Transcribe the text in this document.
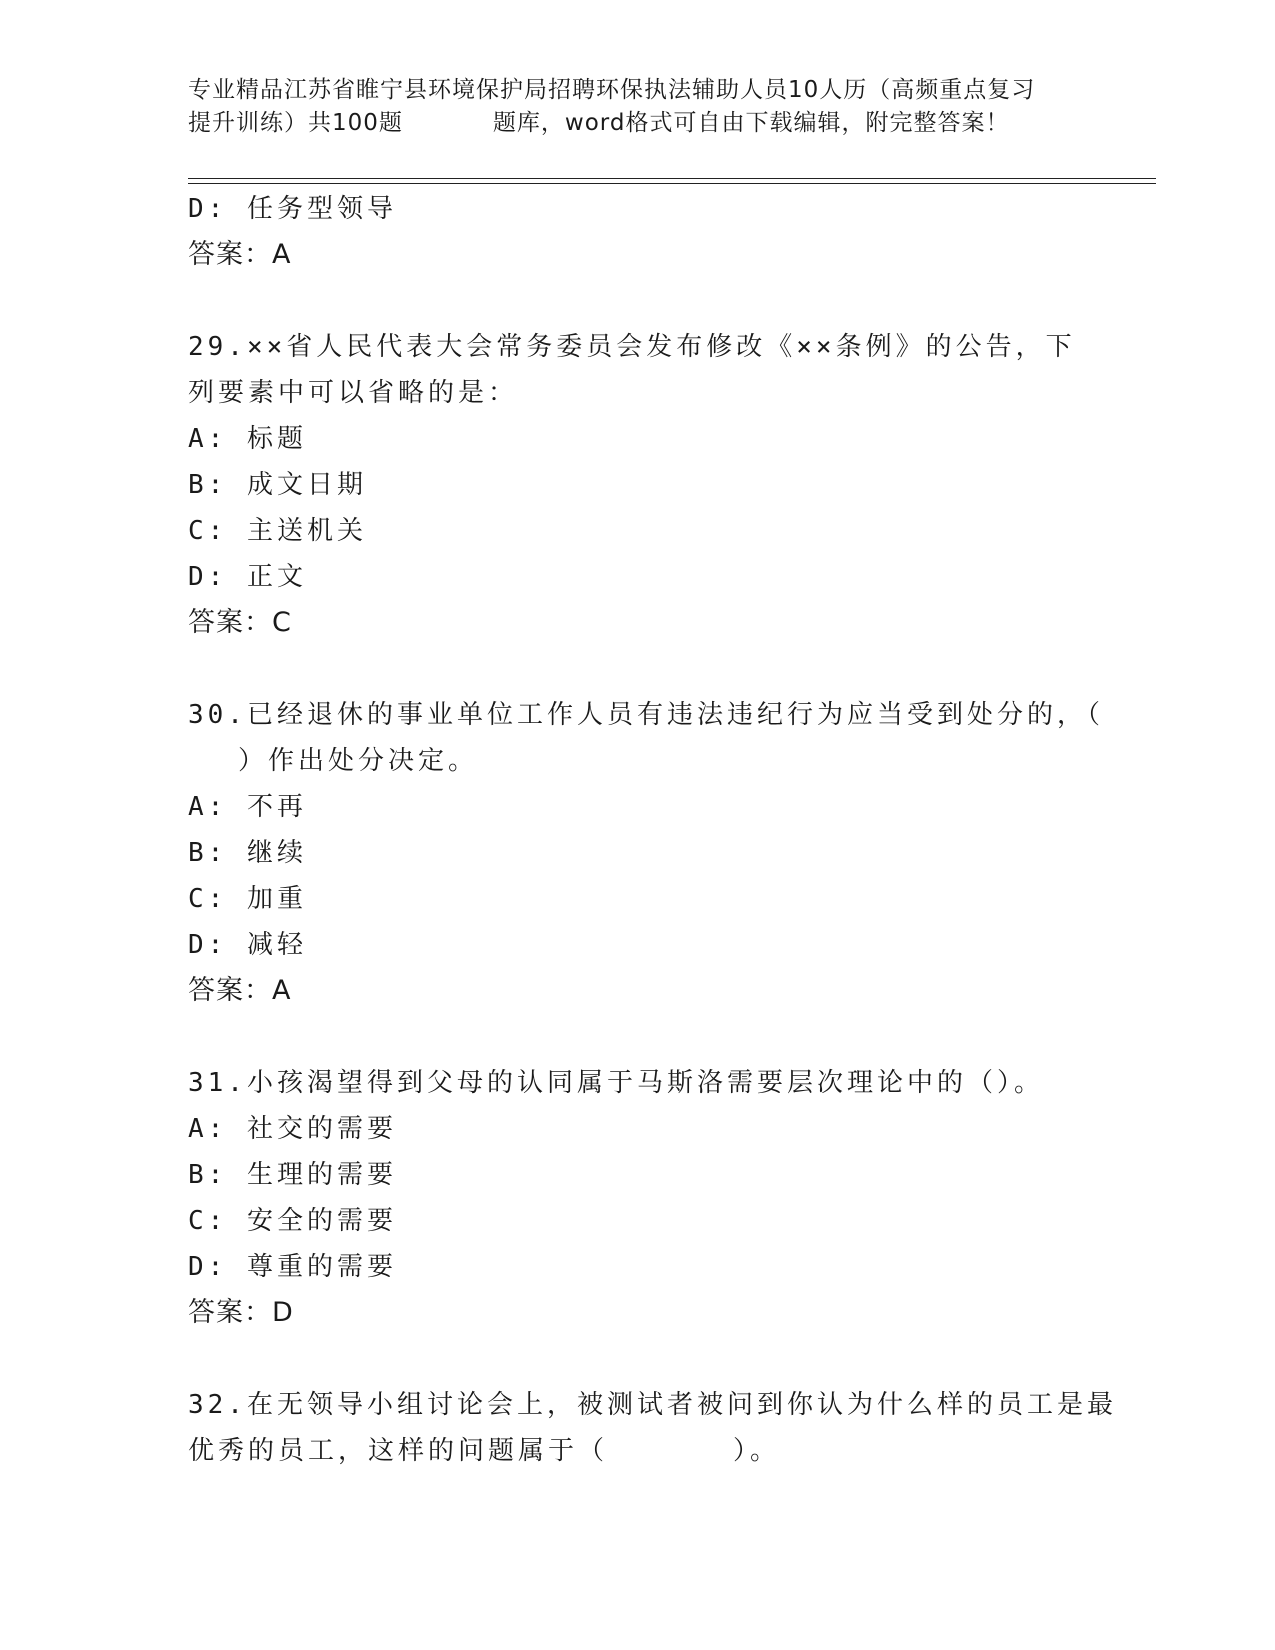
专业精品江苏省睢宁县环境保护局招聘环保执法辅助人员10人历（高频重点复习
提升训练）共100题	题库，word格式可自由下载编辑，附完整答案！
D: 任务型领导
答案：A
29.××省人民代表大会常务委员会发布修改《××条例》的公告，下
列要素中可以省略的是：
A: 标题
B: 成文日期
C: 主送机关
D: 正文
答案：C
30.已经退休的事业单位工作人员有违法违纪行为应当受到处分的，（
）作出处分决定。
A: 不再
B: 继续
C: 加重
D: 减轻
答案：A
31.小孩渴望得到父母的认同属于马斯洛需要层次理论中的（）。
A: 社交的需要
B: 生理的需要
C: 安全的需要
D: 尊重的需要
答案：D
32.在无领导小组讨论会上，被测试者被问到你认为什么样的员工是最
优秀的员工，这样的问题属于（	）。
